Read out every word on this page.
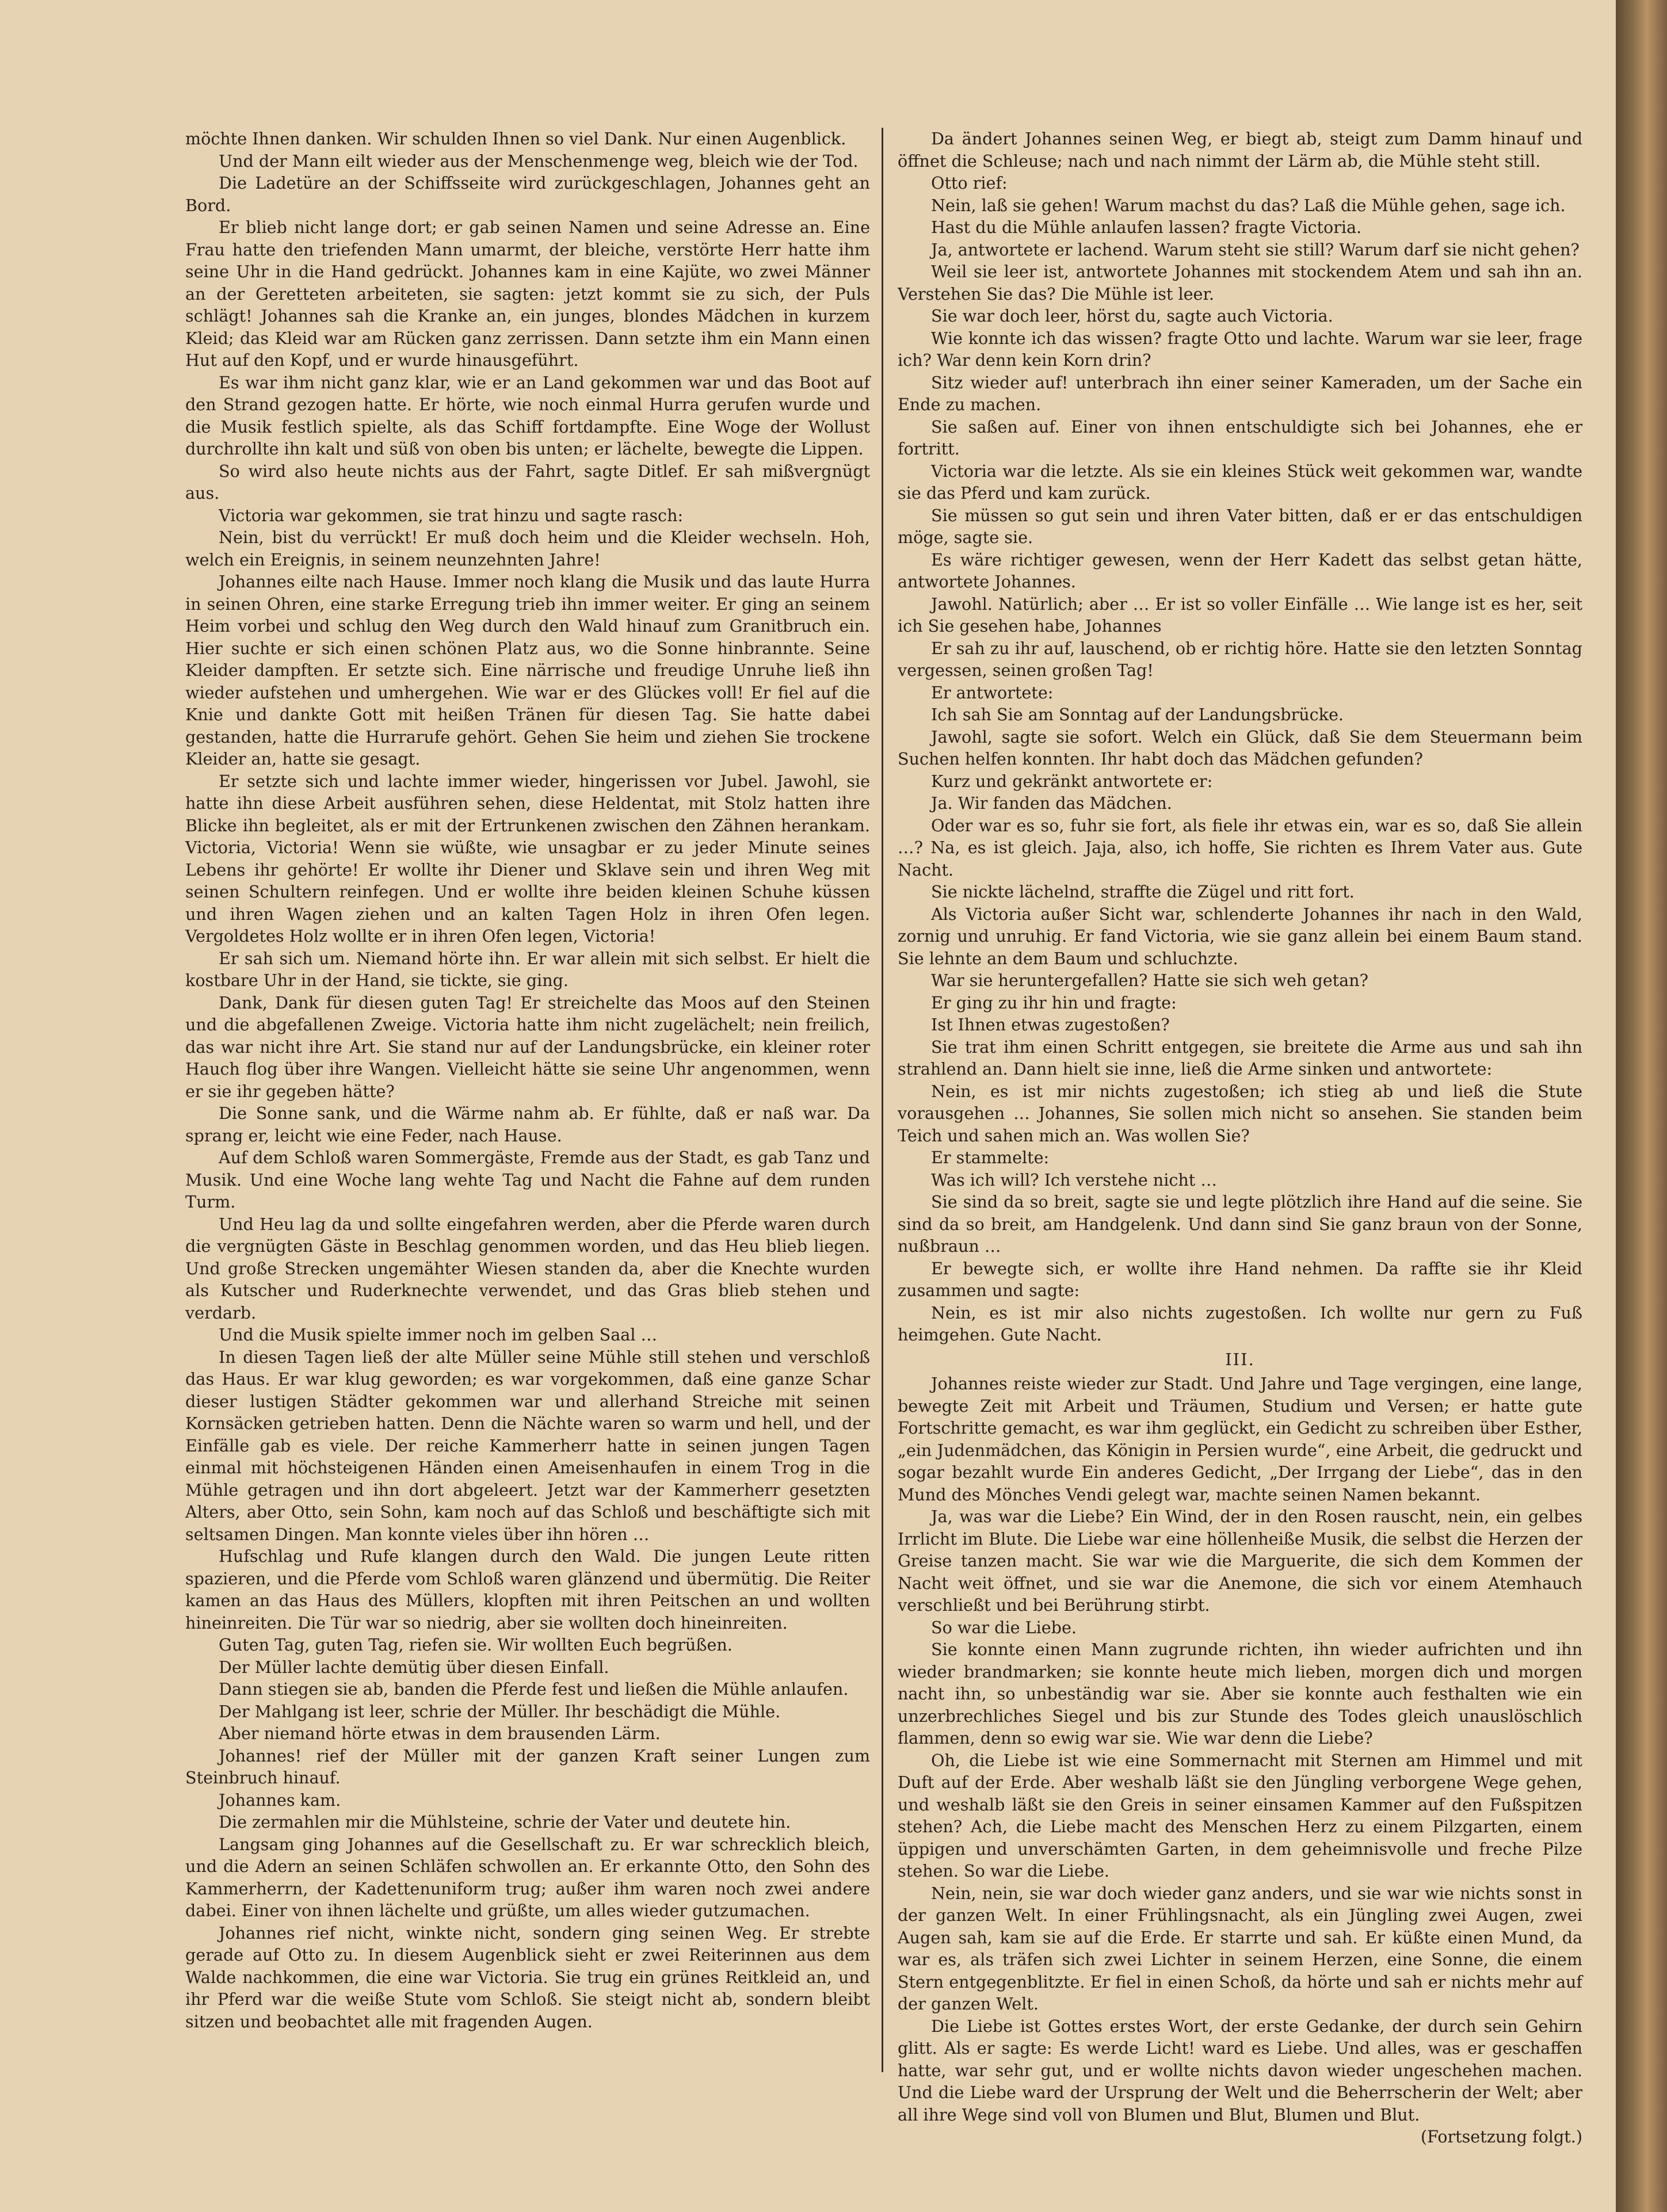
möchte Ihnen danken. Wir schulden Ihnen so viel Dank. Nur einen Augenblick.

Und der Mann eilt wieder aus der Menschenmenge weg, bleich wie der Tod.

Die Ladetüre an der Schiffsseite wird zurückgeschlagen, Johannes geht an Bord.

Er blieb nicht lange dort; er gab seinen Namen und seine Adresse an. Eine Frau hatte den triefenden Mann umarmt, der bleiche, verstörte Herr hatte ihm seine Uhr in die Hand gedrückt. Johannes kam in eine Kajüte, wo zwei Männer an der Geretteten arbeiteten, sie sagten: jetzt kommt sie zu sich, der Puls schlägt! Johannes sah die Kranke an, ein junges, blondes Mädchen in kurzem Kleid; das Kleid war am Rücken ganz zerrissen. Dann setzte ihm ein Mann einen Hut auf den Kopf, und er wurde hinausgeführt.

Es war ihm nicht ganz klar, wie er an Land gekommen war und das Boot auf den Strand gezogen hatte. Er hörte, wie noch einmal Hurra gerufen wurde und die Musik festlich spielte, als das Schiff fortdampfte. Eine Woge der Wollust durchrollte ihn kalt und süß von oben bis unten; er lächelte, bewegte die Lippen.

So wird also heute nichts aus der Fahrt, sagte Ditlef. Er sah mißvergnügt aus.

Victoria war gekommen, sie trat hinzu und sagte rasch:

Nein, bist du verrückt! Er muß doch heim und die Kleider wechseln. Hoh, welch ein Ereignis, in seinem neunzehnten Jahre!

Johannes eilte nach Hause. Immer noch klang die Musik und das laute Hurra in seinen Ohren, eine starke Erregung trieb ihn immer weiter. Er ging an seinem Heim vorbei und schlug den Weg durch den Wald hinauf zum Granitbruch ein. Hier suchte er sich einen schönen Platz aus, wo die Sonne hinbrannte. Seine Kleider dampften. Er setzte sich. Eine närrische und freudige Unruhe ließ ihn wieder aufstehen und umhergehen. Wie war er des Glückes voll! Er fiel auf die Knie und dankte Gott mit heißen Tränen für diesen Tag. Sie hatte dabei gestanden, hatte die Hurrarufe gehört. Gehen Sie heim und ziehen Sie trockene Kleider an, hatte sie gesagt.

Er setzte sich und lachte immer wieder, hingerissen vor Jubel. Jawohl, sie hatte ihn diese Arbeit ausführen sehen, diese Heldentat, mit Stolz hatten ihre Blicke ihn begleitet, als er mit der Ertrunkenen zwischen den Zähnen herankam. Victoria, Victoria! Wenn sie wüßte, wie unsagbar er zu jeder Minute seines Lebens ihr gehörte! Er wollte ihr Diener und Sklave sein und ihren Weg mit seinen Schultern reinfegen. Und er wollte ihre beiden kleinen Schuhe küssen und ihren Wagen ziehen und an kalten Tagen Holz in ihren Ofen legen. Vergoldetes Holz wollte er in ihren Ofen legen, Victoria!

Er sah sich um. Niemand hörte ihn. Er war allein mit sich selbst. Er hielt die kostbare Uhr in der Hand, sie tickte, sie ging.

Dank, Dank für diesen guten Tag! Er streichelte das Moos auf den Steinen und die abgefallenen Zweige. Victoria hatte ihm nicht zugelächelt; nein freilich, das war nicht ihre Art. Sie stand nur auf der Landungsbrücke, ein kleiner roter Hauch flog über ihre Wangen. Vielleicht hätte sie seine Uhr angenommen, wenn er sie ihr gegeben hätte?

Die Sonne sank, und die Wärme nahm ab. Er fühlte, daß er naß war. Da sprang er, leicht wie eine Feder, nach Hause.

Auf dem Schloß waren Sommergäste, Fremde aus der Stadt, es gab Tanz und Musik. Und eine Woche lang wehte Tag und Nacht die Fahne auf dem runden Turm.

Und Heu lag da und sollte eingefahren werden, aber die Pferde waren durch die vergnügten Gäste in Beschlag genommen worden, und das Heu blieb liegen. Und große Strecken ungemähter Wiesen standen da, aber die Knechte wurden als Kutscher und Ruderknechte verwendet, und das Gras blieb stehen und verdarb.

Und die Musik spielte immer noch im gelben Saal …

In diesen Tagen ließ der alte Müller seine Mühle still stehen und verschloß das Haus. Er war klug geworden; es war vorgekommen, daß eine ganze Schar dieser lustigen Städter gekommen war und allerhand Streiche mit seinen Kornsäcken getrieben hatten. Denn die Nächte waren so warm und hell, und der Einfälle gab es viele. Der reiche Kammerherr hatte in seinen jungen Tagen einmal mit höchsteigenen Händen einen Ameisenhaufen in einem Trog in die Mühle getragen und ihn dort abgeleert. Jetzt war der Kammerherr gesetzten Alters, aber Otto, sein Sohn, kam noch auf das Schloß und beschäftigte sich mit seltsamen Dingen. Man konnte vieles über ihn hören …

Hufschlag und Rufe klangen durch den Wald. Die jungen Leute ritten spazieren, und die Pferde vom Schloß waren glänzend und übermütig. Die Reiter kamen an das Haus des Müllers, klopften mit ihren Peitschen an und wollten hineinreiten. Die Tür war so niedrig, aber sie wollten doch hineinreiten.

Guten Tag, guten Tag, riefen sie. Wir wollten Euch begrüßen.

Der Müller lachte demütig über diesen Einfall.

Dann stiegen sie ab, banden die Pferde fest und ließen die Mühle anlaufen.

Der Mahlgang ist leer, schrie der Müller. Ihr beschädigt die Mühle.

Aber niemand hörte etwas in dem brausenden Lärm.

Johannes! rief der Müller mit der ganzen Kraft seiner Lungen zum Steinbruch hinauf.

Johannes kam.

Die zermahlen mir die Mühlsteine, schrie der Vater und deutete hin.

Langsam ging Johannes auf die Gesellschaft zu. Er war schrecklich bleich, und die Adern an seinen Schläfen schwollen an. Er erkannte Otto, den Sohn des Kammerherrn, der Kadettenuniform trug; außer ihm waren noch zwei andere dabei. Einer von ihnen lächelte und grüßte, um alles wieder gutzumachen.

Johannes rief nicht, winkte nicht, sondern ging seinen Weg. Er strebte gerade auf Otto zu. In diesem Augenblick sieht er zwei Reiterinnen aus dem Walde nachkommen, die eine war Victoria. Sie trug ein grünes Reitkleid an, und ihr Pferd war die weiße Stute vom Schloß. Sie steigt nicht ab, sondern bleibt sitzen und beobachtet alle mit fragenden Augen.

Da ändert Johannes seinen Weg, er biegt ab, steigt zum Damm hinauf und öffnet die Schleuse; nach und nach nimmt der Lärm ab, die Mühle steht still.

Otto rief:

Nein, laß sie gehen! Warum machst du das? Laß die Mühle gehen, sage ich.

Hast du die Mühle anlaufen lassen? fragte Victoria.

Ja, antwortete er lachend. Warum steht sie still? Warum darf sie nicht gehen?

Weil sie leer ist, antwortete Johannes mit stockendem Atem und sah ihn an. Verstehen Sie das? Die Mühle ist leer.

Sie war doch leer, hörst du, sagte auch Victoria.

Wie konnte ich das wissen? fragte Otto und lachte. Warum war sie leer, frage ich? War denn kein Korn drin?

Sitz wieder auf! unterbrach ihn einer seiner Kameraden, um der Sache ein Ende zu machen.

Sie saßen auf. Einer von ihnen entschuldigte sich bei Johannes, ehe er fortritt.

Victoria war die letzte. Als sie ein kleines Stück weit gekommen war, wandte sie das Pferd und kam zurück.

Sie müssen so gut sein und ihren Vater bitten, daß er er das entschuldigen möge, sagte sie.

Es wäre richtiger gewesen, wenn der Herr Kadett das selbst getan hätte, antwortete Johannes.

Jawohl. Natürlich; aber … Er ist so voller Einfälle … Wie lange ist es her, seit ich Sie gesehen habe, Johannes

Er sah zu ihr auf, lauschend, ob er richtig höre. Hatte sie den letzten Sonntag vergessen, seinen großen Tag!

Er antwortete:

Ich sah Sie am Sonntag auf der Landungsbrücke.

Jawohl, sagte sie sofort. Welch ein Glück, daß Sie dem Steuermann beim Suchen helfen konnten. Ihr habt doch das Mädchen gefunden?

Kurz und gekränkt antwortete er:

Ja. Wir fanden das Mädchen.

Oder war es so, fuhr sie fort, als fiele ihr etwas ein, war es so, daß Sie allein …? Na, es ist gleich. Jaja, also, ich hoffe, Sie richten es Ihrem Vater aus. Gute Nacht.

Sie nickte lächelnd, straffte die Zügel und ritt fort.

Als Victoria außer Sicht war, schlenderte Johannes ihr nach in den Wald, zornig und unruhig. Er fand Victoria, wie sie ganz allein bei einem Baum stand. Sie lehnte an dem Baum und schluchzte.

War sie heruntergefallen? Hatte sie sich weh getan?

Er ging zu ihr hin und fragte:

Ist Ihnen etwas zugestoßen?

Sie trat ihm einen Schritt entgegen, sie breitete die Arme aus und sah ihn strahlend an. Dann hielt sie inne, ließ die Arme sinken und antwortete:

Nein, es ist mir nichts zugestoßen; ich stieg ab und ließ die Stute vorausgehen … Johannes, Sie sollen mich nicht so ansehen. Sie standen beim Teich und sahen mich an. Was wollen Sie?

Er stammelte:

Was ich will? Ich verstehe nicht …

Sie sind da so breit, sagte sie und legte plötzlich ihre Hand auf die seine. Sie sind da so breit, am Handgelenk. Und dann sind Sie ganz braun von der Sonne, nußbraun …

Er bewegte sich, er wollte ihre Hand nehmen. Da raffte sie ihr Kleid zusammen und sagte:

Nein, es ist mir also nichts zugestoßen. Ich wollte nur gern zu Fuß heimgehen. Gute Nacht.

III.

Johannes reiste wieder zur Stadt. Und Jahre und Tage vergingen, eine lange, bewegte Zeit mit Arbeit und Träumen, Studium und Versen; er hatte gute Fortschritte gemacht, es war ihm geglückt, ein Gedicht zu schreiben über Esther, „ein Judenmädchen, das Königin in Persien wurde“, eine Arbeit, die gedruckt und sogar bezahlt wurde Ein anderes Gedicht, „Der Irrgang der Liebe“, das in den Mund des Mönches Vendi gelegt war, machte seinen Namen bekannt.

Ja, was war die Liebe? Ein Wind, der in den Rosen rauscht, nein, ein gelbes Irrlicht im Blute. Die Liebe war eine höllenheiße Musik, die selbst die Herzen der Greise tanzen macht. Sie war wie die Marguerite, die sich dem Kommen der Nacht weit öffnet, und sie war die Anemone, die sich vor einem Atemhauch verschließt und bei Berührung stirbt.

So war die Liebe.

Sie konnte einen Mann zugrunde richten, ihn wieder aufrichten und ihn wieder brandmarken; sie konnte heute mich lieben, morgen dich und morgen nacht ihn, so unbeständig war sie. Aber sie konnte auch festhalten wie ein unzerbrechliches Siegel und bis zur Stunde des Todes gleich unauslöschlich flammen, denn so ewig war sie. Wie war denn die Liebe?

Oh, die Liebe ist wie eine Sommernacht mit Sternen am Himmel und mit Duft auf der Erde. Aber weshalb läßt sie den Jüngling verborgene Wege gehen, und weshalb läßt sie den Greis in seiner einsamen Kammer auf den Fußspitzen stehen? Ach, die Liebe macht des Menschen Herz zu einem Pilzgarten, einem üppigen und unverschämten Garten, in dem geheimnisvolle und freche Pilze stehen. So war die Liebe.

Nein, nein, sie war doch wieder ganz anders, und sie war wie nichts sonst in der ganzen Welt. In einer Frühlingsnacht, als ein Jüngling zwei Augen, zwei Augen sah, kam sie auf die Erde. Er starrte und sah. Er küßte einen Mund, da war es, als träfen sich zwei Lichter in seinem Herzen, eine Sonne, die einem Stern entgegenblitzte. Er fiel in einen Schoß, da hörte und sah er nichts mehr auf der ganzen Welt.

Die Liebe ist Gottes erstes Wort, der erste Gedanke, der durch sein Gehirn glitt. Als er sagte: Es werde Licht! ward es Liebe. Und alles, was er geschaffen hatte, war sehr gut, und er wollte nichts davon wieder ungeschehen machen. Und die Liebe ward der Ursprung der Welt und die Beherrscherin der Welt; aber all ihre Wege sind voll von Blumen und Blut, Blumen und Blut.

(Fortsetzung folgt.)
